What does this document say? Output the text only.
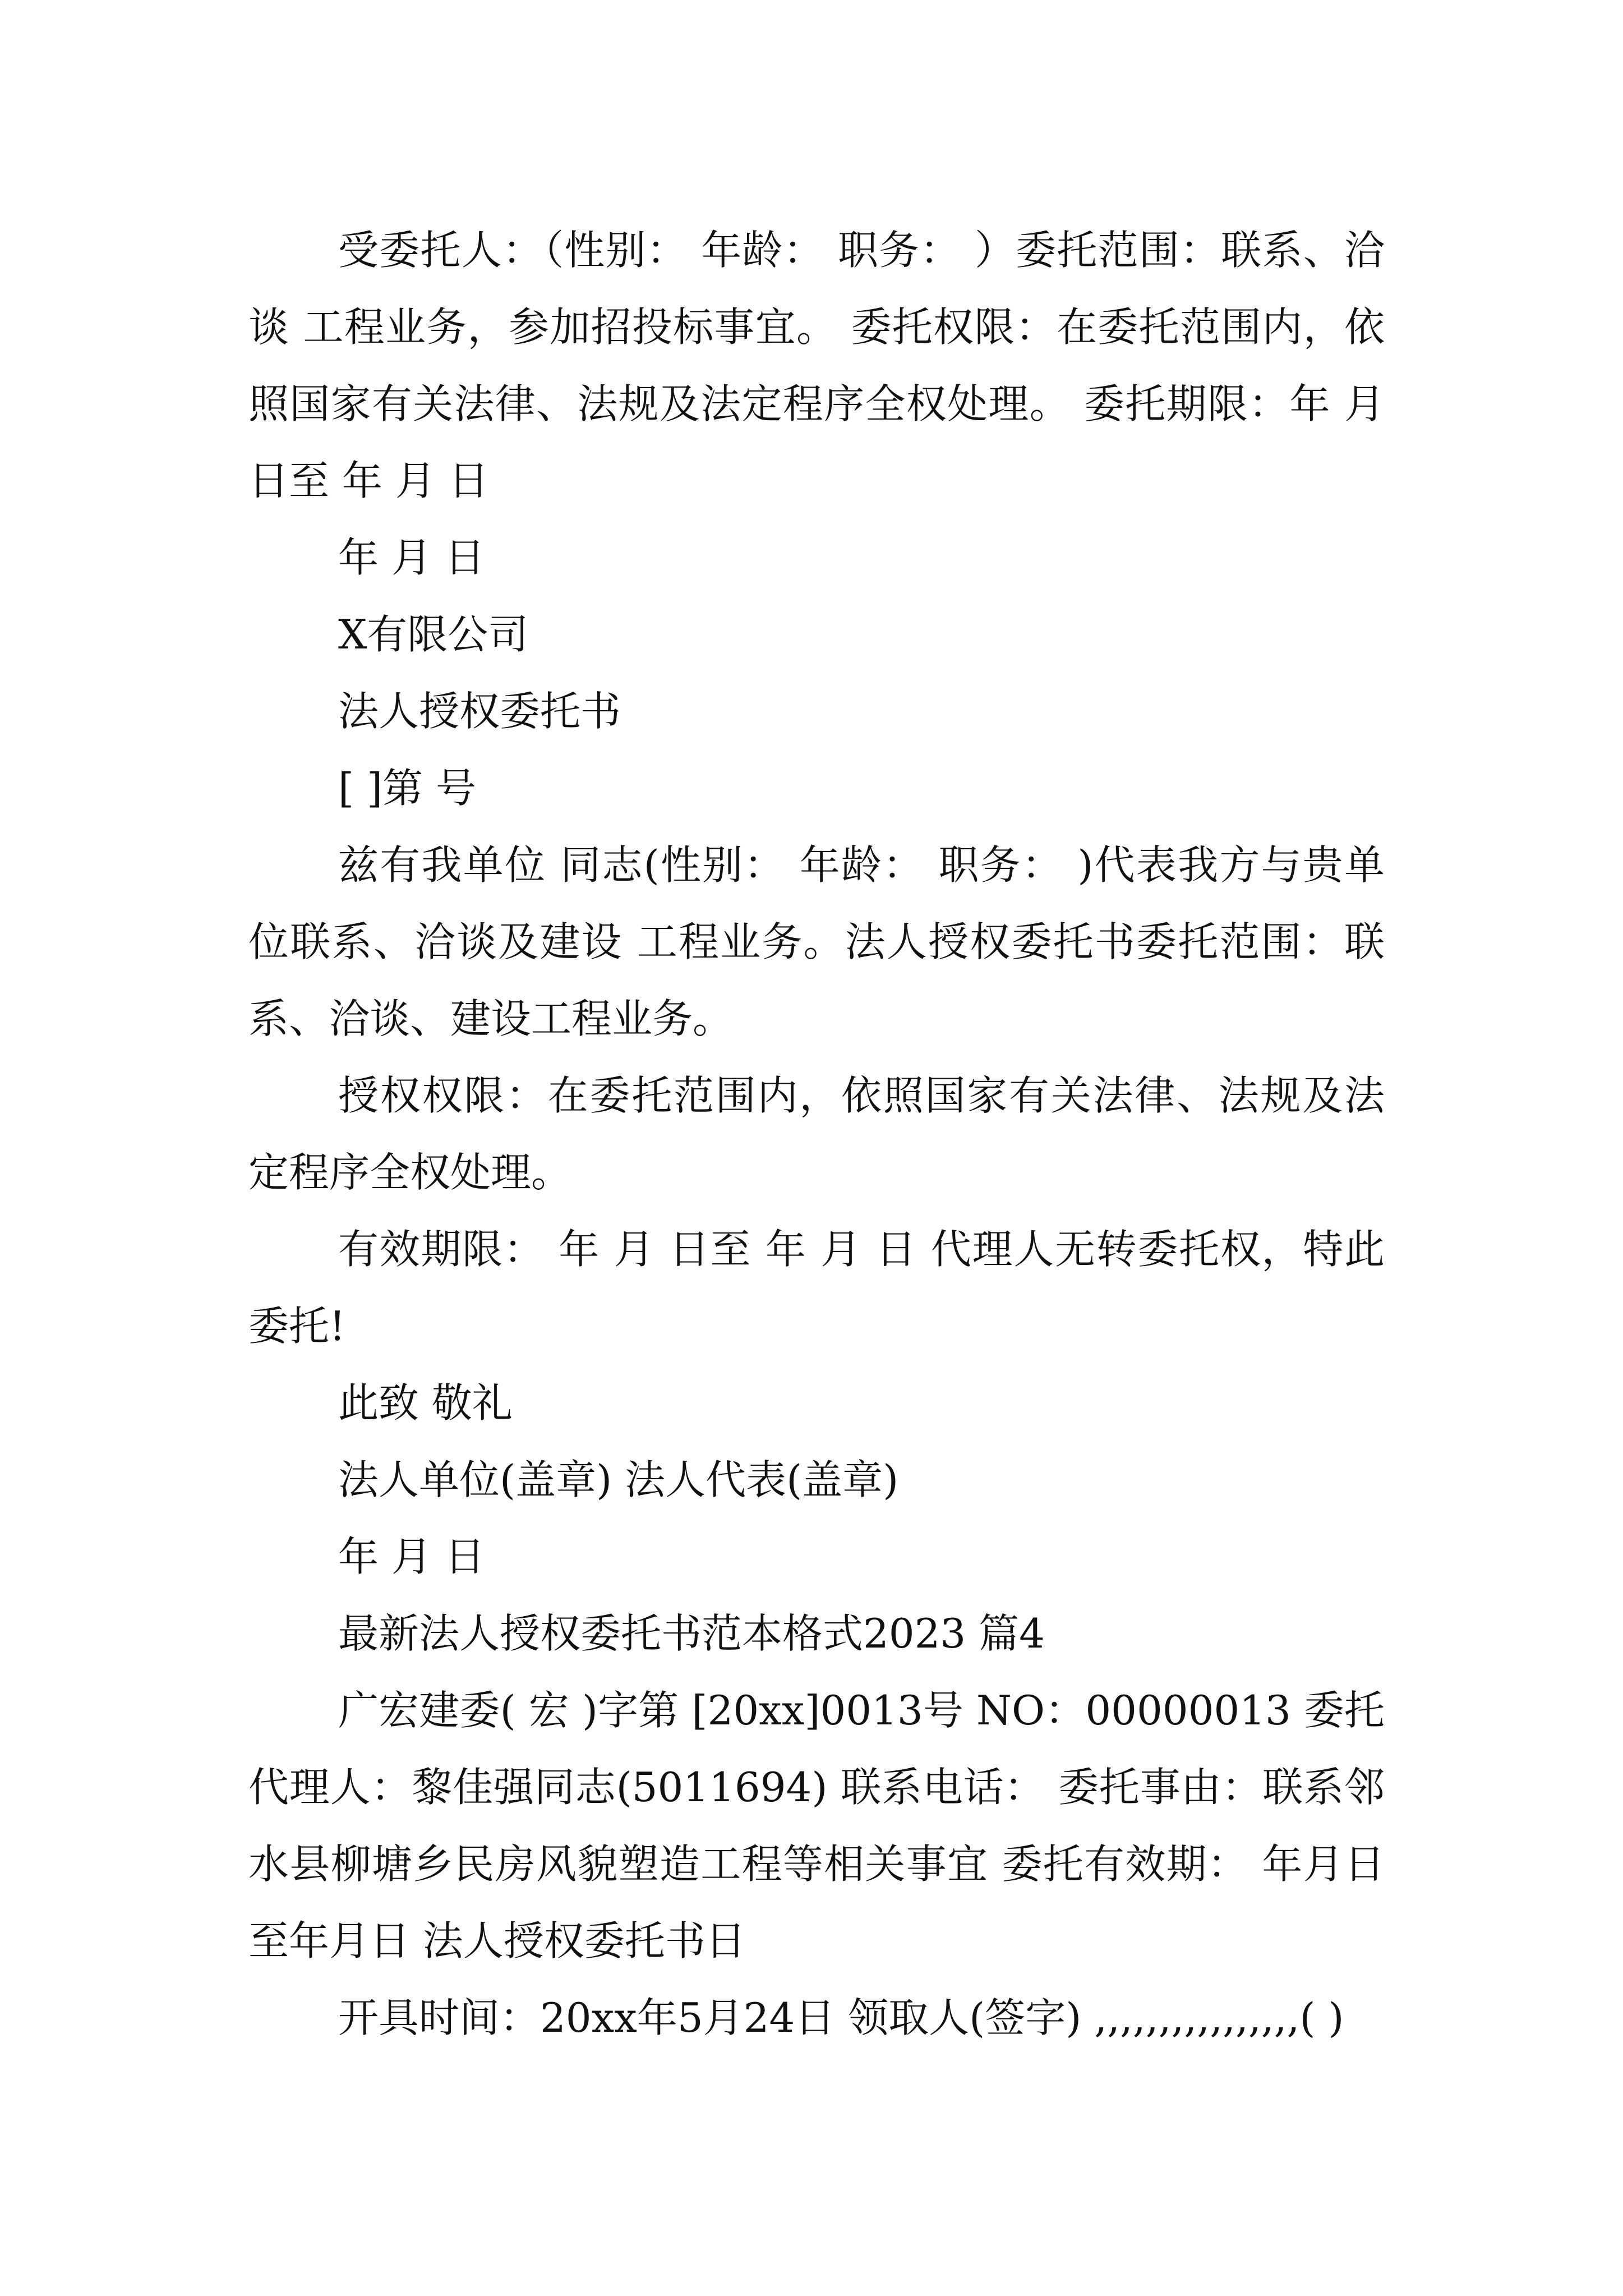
受委托人：（性别： 年龄： 职务： ）委托范围：联系、洽谈 工程业务，参加招投标事宜。 委托权限：在委托范围内，依照国家有关法律、法规及法定程序全权处理。 委托期限：年 月 日至 年 月 日

年 月 日

X有限公司

法人授权委托书

[ ]第 号

兹有我单位 同志(性别： 年龄： 职务： )代表我方与贵单位联系、洽谈及建设 工程业务。法人授权委托书委托范围：联系、洽谈、建设工程业务。

授权权限：在委托范围内，依照国家有关法律、法规及法定程序全权处理。

有效期限： 年 月 日至 年 月 日 代理人无转委托权，特此委托!

此致 敬礼

法人单位(盖章) 法人代表(盖章)

年 月 日

最新法人授权委托书范本格式2023 篇4

广宏建委( 宏 )字第 [20xx]0013号 NO：00000013 委托代理人：黎佳强同志(5011694) 联系电话： 委托事由：联系邻水县柳塘乡民房风貌塑造工程等相关事宜 委托有效期： 年月日至年月日 法人授权委托书日

开具时间：20xx年5月24日 领取人(签字) ,,,,,,,,,,,,,,,,( )
